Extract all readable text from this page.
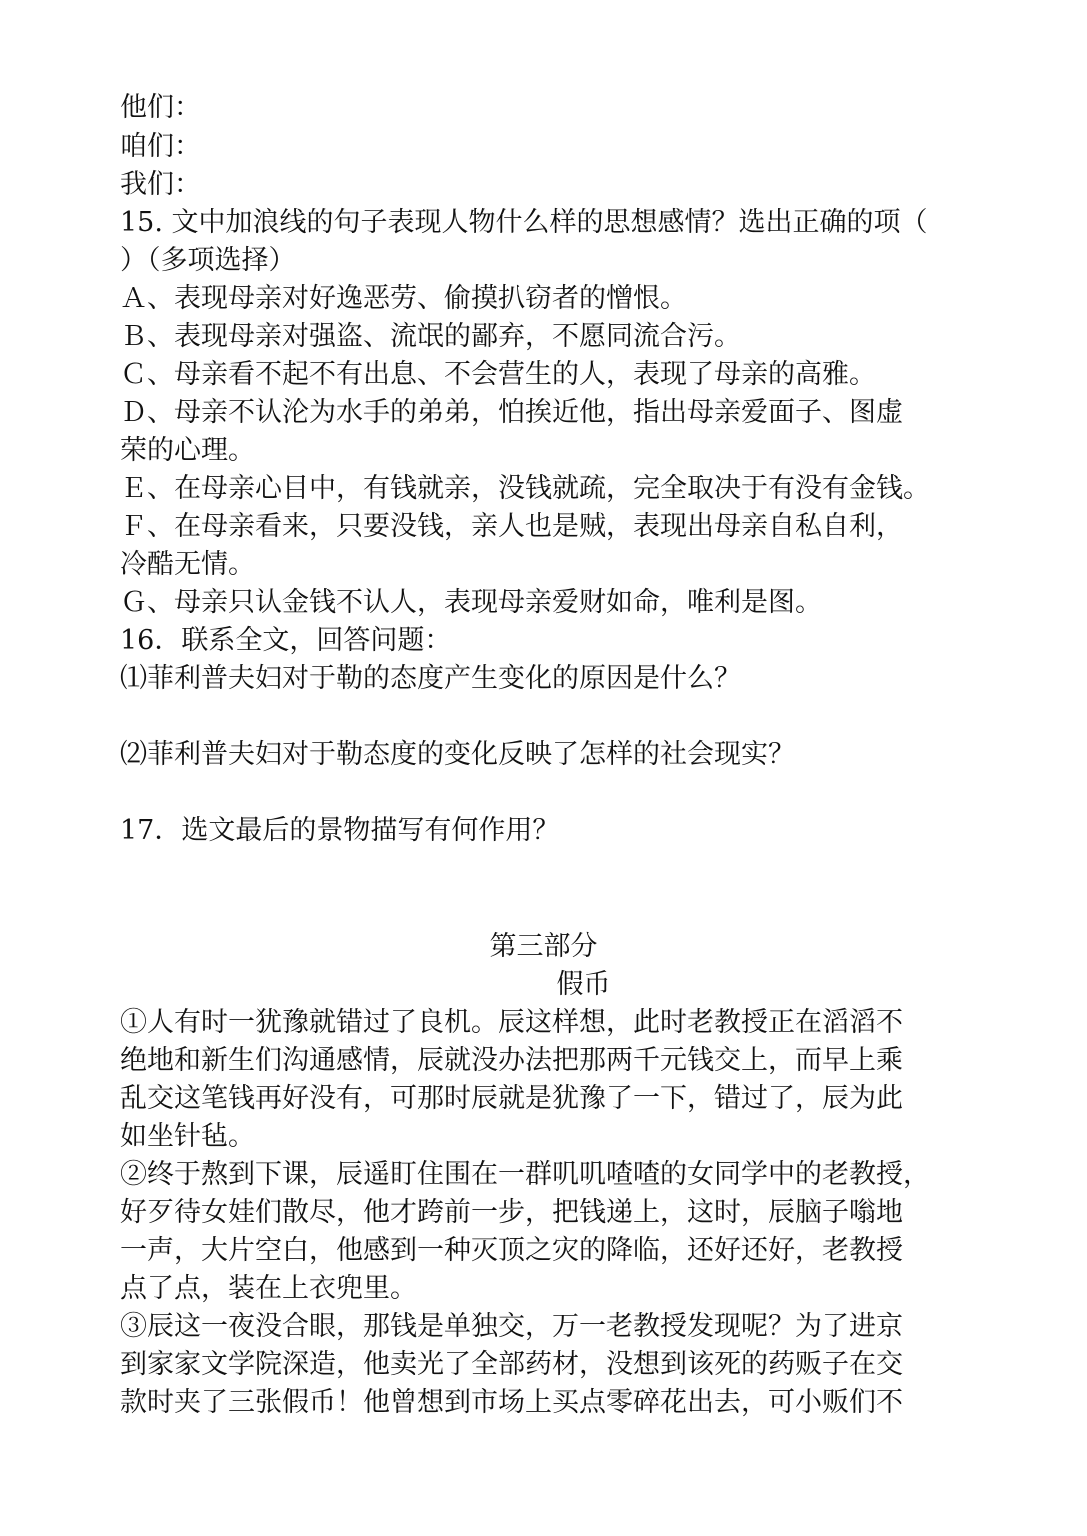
他们：
咱们：
我们：
15. 文中加浪线的句子表现人物什么样的思想感情？选出正确的项（
）（多项选择）
Ａ、表现母亲对好逸恶劳、偷摸扒窃者的憎恨。
Ｂ、表现母亲对强盗、流氓的鄙弃，不愿同流合污。
Ｃ、母亲看不起不有出息、不会营生的人，表现了母亲的高雅。
Ｄ、母亲不认沦为水手的弟弟，怕挨近他，指出母亲爱面子、图虚
荣的心理。
Ｅ、在母亲心目中，有钱就亲，没钱就疏，完全取决于有没有金钱。
Ｆ、在母亲看来，只要没钱，亲人也是贼，表现出母亲自私自利，
冷酷无情。
Ｇ、母亲只认金钱不认人，表现母亲爱财如命，唯利是图。
16．联系全文，回答问题：
⑴菲利普夫妇对于勒的态度产生变化的原因是什么？
⑵菲利普夫妇对于勒态度的变化反映了怎样的社会现实？
17．选文最后的景物描写有何作用？
第三部分
假币
①人有时一犹豫就错过了良机。辰这样想，此时老教授正在滔滔不
绝地和新生们沟通感情，辰就没办法把那两千元钱交上，而早上乘
乱交这笔钱再好没有，可那时辰就是犹豫了一下，错过了，辰为此
如坐针毡。
②终于熬到下课，辰遥盯住围在一群叽叽喳喳的女同学中的老教授，
好歹待女娃们散尽，他才跨前一步，把钱递上，这时，辰脑子嗡地
一声，大片空白，他感到一种灭顶之灾的降临，还好还好，老教授
点了点，装在上衣兜里。
③辰这一夜没合眼，那钱是单独交，万一老教授发现呢？为了进京
到家家文学院深造，他卖光了全部药材，没想到该死的药贩子在交
款时夹了三张假币！他曾想到市场上买点零碎花出去，可小贩们不
